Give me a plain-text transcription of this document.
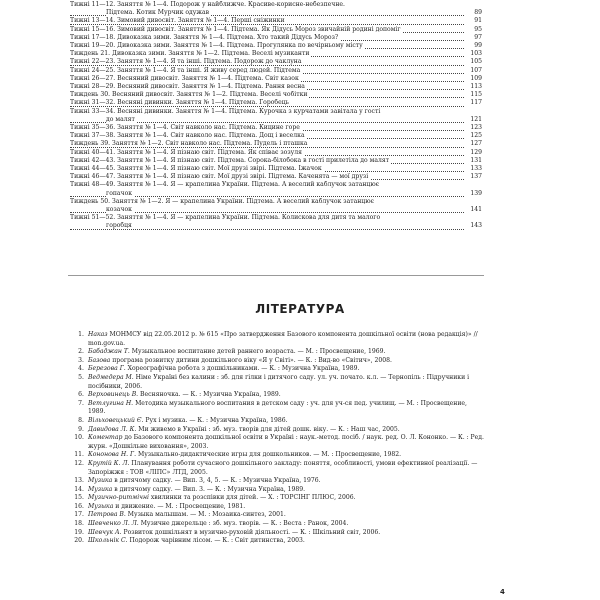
Тижні 11—12. Заняття № 1—4. Подорож у найближче. Красиве-корисне-небезпечне.
Підтема. Котик Мурчик одужав	89
Тижні 13—14. Зимовий дивосвіт. Заняття № 1—4. Перші сніжинки	91
Тижні 15—16. Зимовий дивосвіт. Заняття № 1—4. Підтема. Як Дідусь Мороз звичайній родині допоміг	95
Тижні 17—18. Дивоказка зими. Заняття № 1—4. Підтема. Хто такий Дідусь Мороз?	97
Тижні 19—20. Дивоказка зими. Заняття № 1—4. Підтема. Прогулянка по вечірньому місту	99
Тиждень 21. Дивоказка зими. Заняття № 1—2. Підтема. Веселі музиканти	103
Тижні 22—23. Заняття № 1—4. Я та інші. Підтема. Подорож до чаклуна	105
Тижні 24—25. Заняття № 1—4. Я та інші. Я живу серед людей. Підтема	107
Тижні 26—27. Весняний дивосвіт. Заняття № 1—4. Підтема. Світ казок	109
Тижні 28—29. Весняний дивосвіт. Заняття № 1—4. Підтема. Рання весна	113
Тиждень 30. Весняний дивосвіт. Заняття № 1—2. Підтема. Веселі чобітки	115
Тижні 31—32. Весняні дивинки. Заняття № 1—4. Підтема. Горобець	117
Тижні 33—34. Весняні дивинки. Заняття № 1—4. Підтема. Курочка з курчатами завітала у гості
до малят	121
Тижні 35—36. Заняття № 1—4. Світ навколо нас. Підтема. Кицине горе	123
Тижні 37—38. Заняття № 1—4. Світ навколо нас. Підтема. Дощ і веселка	125
Тиждень 39. Заняття № 1—2. Світ навколо нас. Підтема. Пудель і пташка	127
Тижні 40—41. Заняття № 1—4. Я пізнаю світ. Підтема. Як співає зозуля	129
Тижні 42—43. Заняття № 1—4. Я пізнаю світ. Підтема. Сорока-білобока в гості прилетіла до малят	131
Тижні 44—45. Заняття № 1—4. Я пізнаю світ. Мої друзі звірі. Підтема. Їжачок	133
Тижні 46—47. Заняття № 1—4. Я пізнаю світ. Мої друзі звірі. Підтема. Каченята — мої друзі	137
Тижні 48—49. Заняття № 1—4. Я — крапелина України. Підтема. А веселий каблучок затанцює
гопачок	139
Тиждень 50. Заняття № 1—2. Я — крапелина України. Підтема. А веселий каблучок затанцює
козачок	141
Тижні 51—52. Заняття № 1—4. Я — крапелина України. Підтема. Колискова для дитя та малого
горобця	143
ЛІТЕРАТУРА
1. Наказ МОНМСУ від 22.05.2012 р. № 615 «Про затвердження Базового компонента дошкільної освіти (нова редакція)» // mon.gov.ua.
2. Бабаджан Т. Музыкальное воспитание детей раннего возраста. — М. : Просвещение, 1969.
3. Базова програма розвитку дитини дошкільного віку «Я у Світі». — К. : Вид-во «Світич», 2008.
4. Березова Г. Хореографічна робота з дошкільниками. — К. : Музична Україна, 1989.
5. Ведмедера М. Німе Україні без калини : зб. для гілки і дитячого саду. ул. уч. почато. к.л. — Тернопіль : Підручники і посібники, 2006.
6. Верховинець В. Весняночка. — К. : Музична Україна, 1989.
7. Ветлугина Н. Методика музыкального воспитания в детском саду : уч. для уч-ся пед. училищ. — М. : Просвещение, 1989.
8. Вільховецький Є. Рух і музика. — К. : Музична Україна, 1986.
9. Давидова Л. К. Ми живемо в Україні : зб. муз. творів для дітей дошк. віку. — К. : Наш час, 2005.
10. Коментар до Базового компонента дошкільної освіти в Україні : наук.-метод. посіб. / наук. ред. О. Л. Кононко. — К. : Ред. журн. «Дошкільне виховання», 2003.
11. Кононова Н. Г. Музыкально-дидактические игры для дошкольников. — М. : Просвещение, 1982.
12. Крутій К. Л. Планування роботи сучасного дошкільного закладу: поняття, особливості, умови ефективної реалізації. — Запоріжжя : ТОВ «ЛІПС» ЛТД, 2005.
13. Музика в дитячому садку. — Вип. 3, 4, 5. — К. : Музична Україна, 1976.
14. Музика в дитячому садку. — Вип. 3. — К. : Музична Україна, 1989.
15. Музично-ритмічні хвилинки та розспівки для дітей. — Х. : ТОРСІНГ ПЛЮС, 2006.
16. Музыка и движение. — М. : Просвещение, 1981.
17. Петрова В. Музыка малышам. — М. : Мозаика-синтез, 2001.
18. Шевченко Л. Л. Музичне джерельце : зб. муз. творів. — К. : Веста : Ранок, 2004.
19. Шевчук А. Розвиток дошкільнят в музично-руховій діяльності. — К. : Шкільний світ, 2006.
20. Школьнік С. Подорож чарівним лісом. — К. : Світ дитинства, 2003.
4
